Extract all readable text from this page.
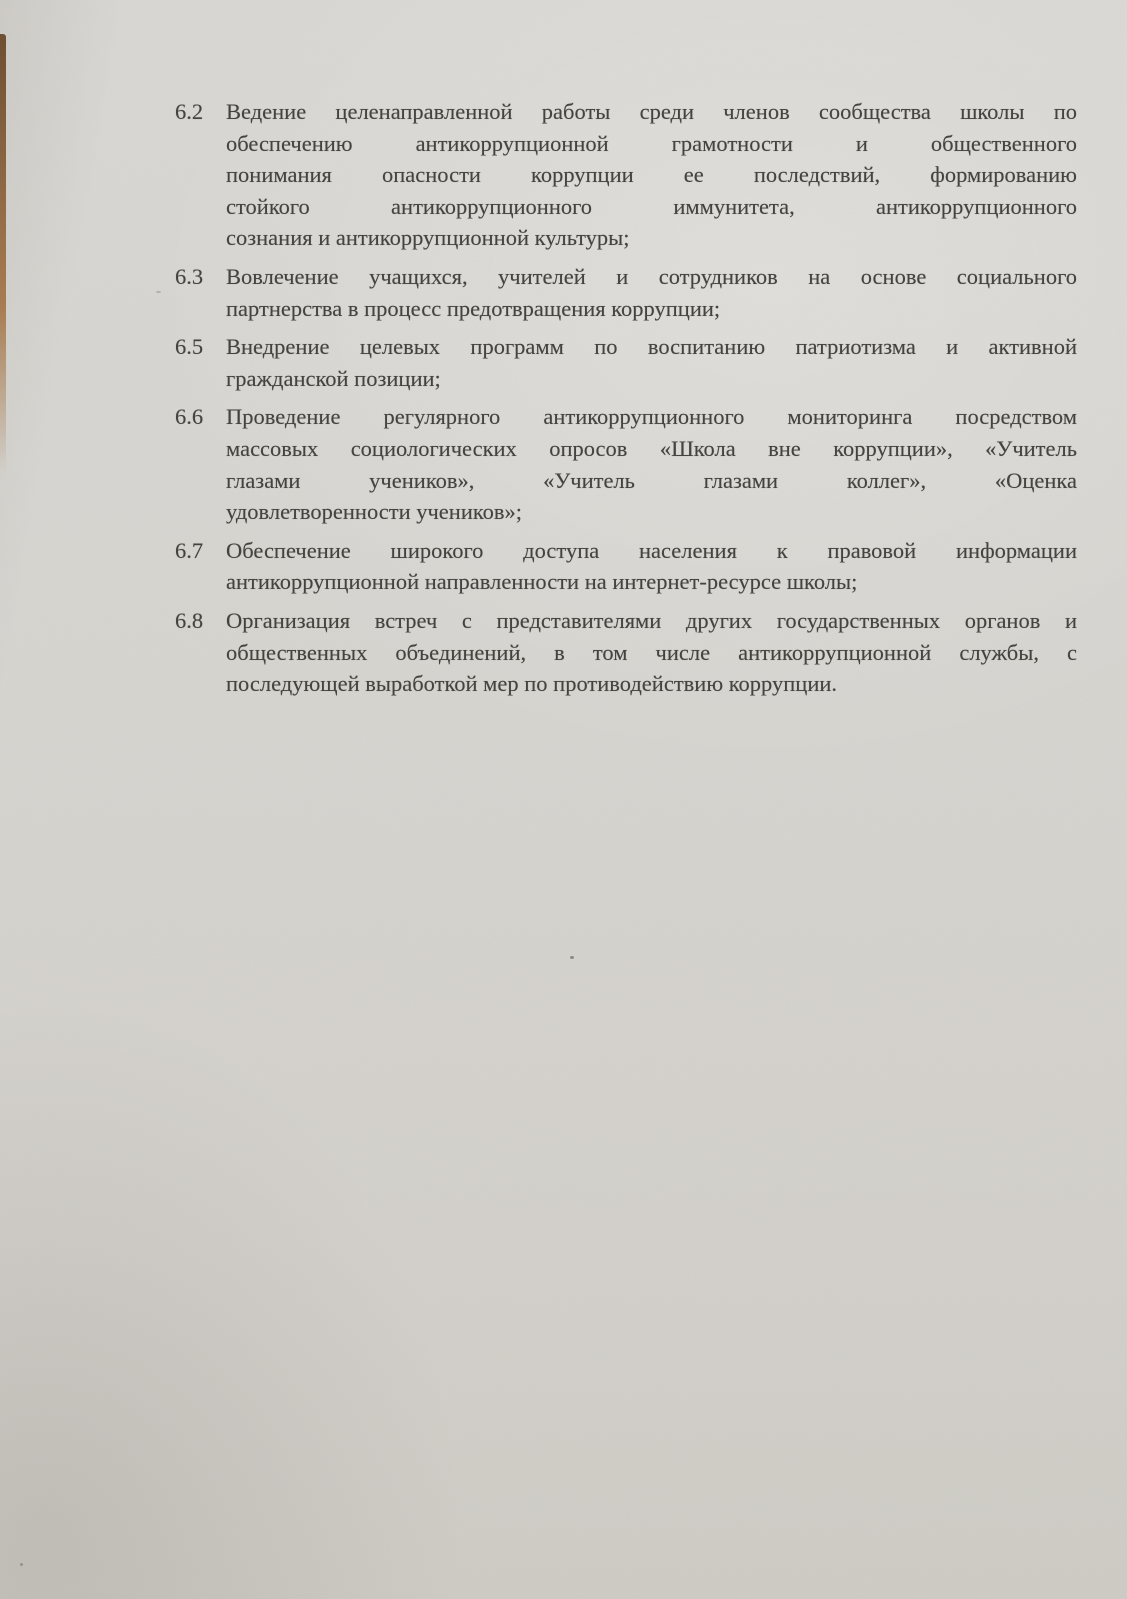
6.2 Ведение целенаправленной работы среди членов сообщества школы по
обеспечению антикоррупционной грамотности и общественного
понимания опасности коррупции ее последствий, формированию
стойкого антикоррупционного иммунитета, антикоррупционного
сознания и антикоррупционной культуры;
6.3 Вовлечение учащихся, учителей и сотрудников на основе социального
партнерства в процесс предотвращения коррупции;
6.5 Внедрение целевых программ по воспитанию патриотизма и активной
гражданской позиции;
6.6 Проведение регулярного антикоррупционного мониторинга посредством
массовых социологических опросов «Школа вне коррупции», «Учитель
глазами учеников», «Учитель глазами коллег», «Оценка
удовлетворенности учеников»;
6.7 Обеспечение широкого доступа населения к правовой информации
антикоррупционной направленности на интернет-ресурсе школы;
6.8 Организация встреч с представителями других государственных органов и
общественных объединений, в том числе антикоррупционной службы, с
последующей выработкой мер по противодействию коррупции.
